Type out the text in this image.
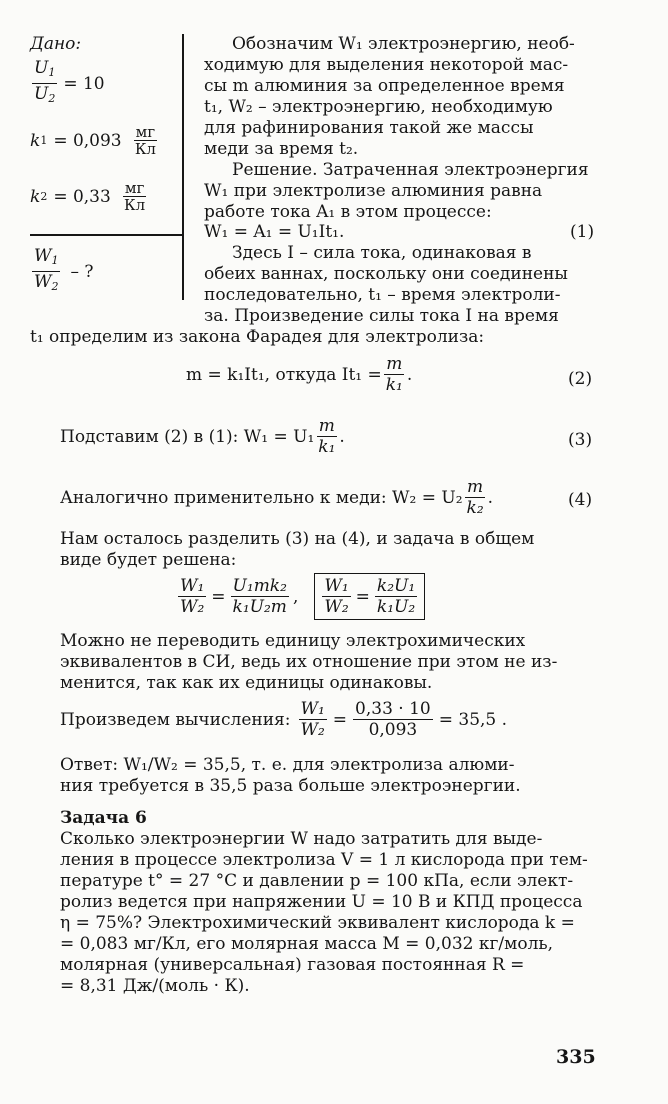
Дано:
$\frac{U_1}{U_2} = 10$
k $1 = 0,093 \frac{мг}{Кл}$
k $2 = 0,33 \frac{мг}{Кл}$
$\frac{W_1}{W_2}$ – ?
Обозначим W₁ электроэнергию, необ-
ходимую для выделения некоторой мас-
сы m алюминия за определенное время
t₁, W₂ – электроэнергию, необходимую
для рафинирования такой же массы
меди за время t₂.
Решение. Затраченная электроэнергия
W₁ при электролизе алюминия равна
работе тока A₁ в этом процессе:
W₁ = A₁ = U₁It₁.
Здесь I – сила тока, одинаковая в
обеих ваннах, поскольку они соединены
последовательно, t₁ – время электроли-
за. Произведение силы тока I на время
(1)
t₁ определим из закона Фарадея для электролиза:
m = k₁It₁, откуда $It_1 = \frac{m}{\text{k₁}}$ .	(2)
Подставим (2) в (1): $W_1 = U_1 \frac{m}{\text{k₁}}$ .	(3)
Аналогично применительно к меди: $W_2 = U_2 \frac{m}{\text{k₂}}$ .	(4)
Нам осталось разделить (3) на (4), и задача в общем
виде будет решена:
$\frac{\text{W₁}}{\text{W₂}} = \frac{\text{U₁mk₂}}{\text{k₁U₂m}}$ , $\frac{\text{W₁}}{\text{W₂}} = \frac{\text{k₂U₁}}{\text{k₁U₂}}$
Можно не переводить единицу электрохимических
эквивалентов в СИ, ведь их отношение при этом не из-
менится, так как их единицы одинаковы.
Произведем вычисления: $\frac{\text{W₁}}{\text{W₂}} = \frac{0,33 \cdot 10}{0,093} = 35,5$ .
Ответ: W₁/W₂ = 35,5, т. е. для электролиза алюми-
ния требуется в 35,5 раза больше электроэнергии.
Задача 6
Сколько электроэнергии W надо затратить для выде-
ления в процессе электролиза V = 1 л кислорода при тем-
пературе t° = 27 °С и давлении p = 100 кПа, если элект-
ролиз ведется при напряжении U = 10 В и КПД процесса
η = 75%? Электрохимический эквивалент кислорода k =
= 0,083 мг/Кл, его молярная масса M = 0,032 кг/моль,
молярная (универсальная) газовая постоянная R =
= 8,31 Дж/(моль · К).
335
